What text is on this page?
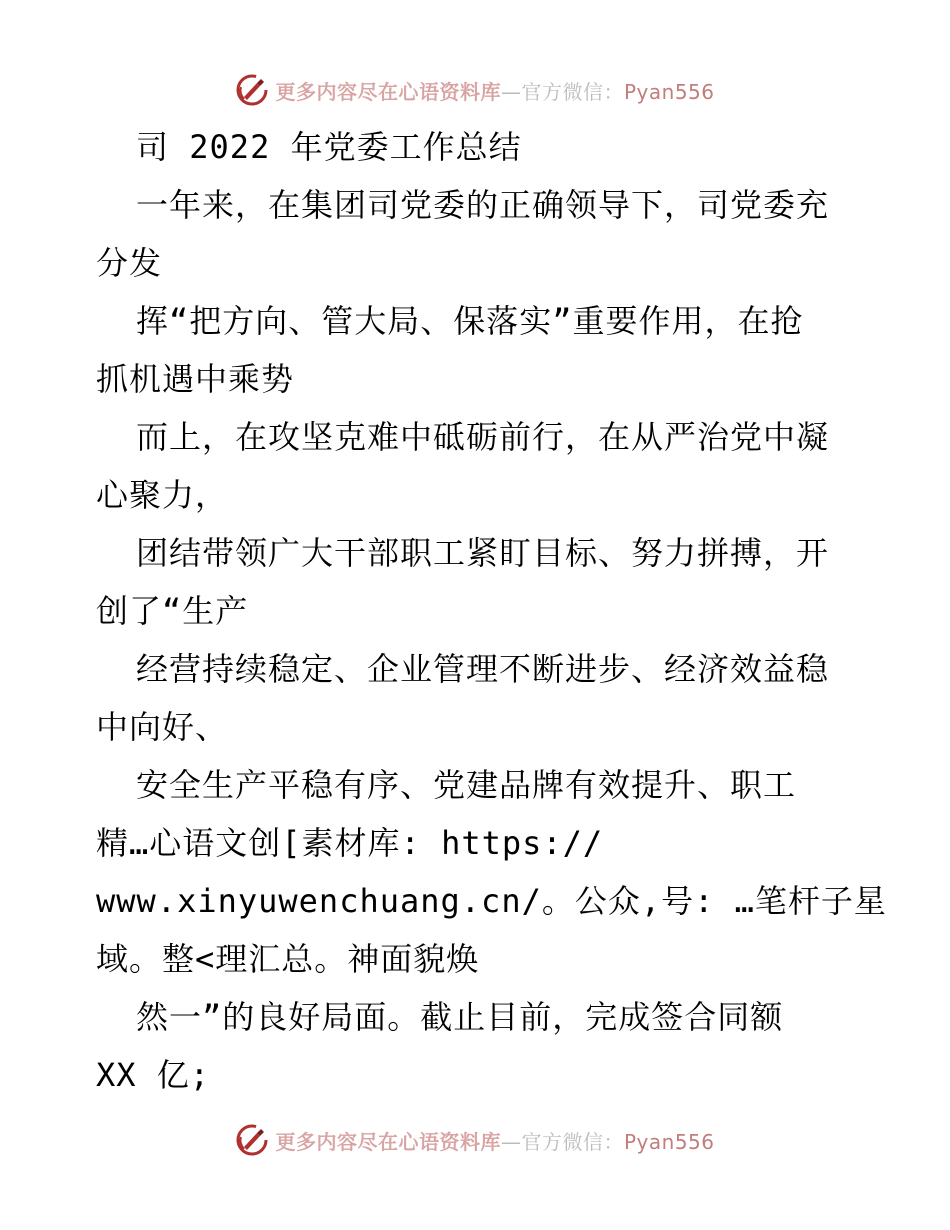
更多内容尽在心语资料库—官方微信：Pyan556
司 2022 年党委工作总结
一年来，在集团司党委的正确领导下，司党委充
分发
挥“把方向、管大局、保落实”重要作用，在抢
抓机遇中乘势
而上，在攻坚克难中砥砺前行，在从严治党中凝
心聚力，
团结带领广大干部职工紧盯目标、努力拼搏，开
创了“生产
经营持续稳定、企业管理不断进步、经济效益稳
中向好、
安全生产平稳有序、党建品牌有效提升、职工
精…心语文创[素材库: https://
www.xinyuwenchuang.cn/。公众,号: …笔杆子星
域。整<理汇总。神面貌焕
然一”的良好局面。截止目前，完成签合同额
XX 亿;
更多内容尽在心语资料库—官方微信：Pyan556
